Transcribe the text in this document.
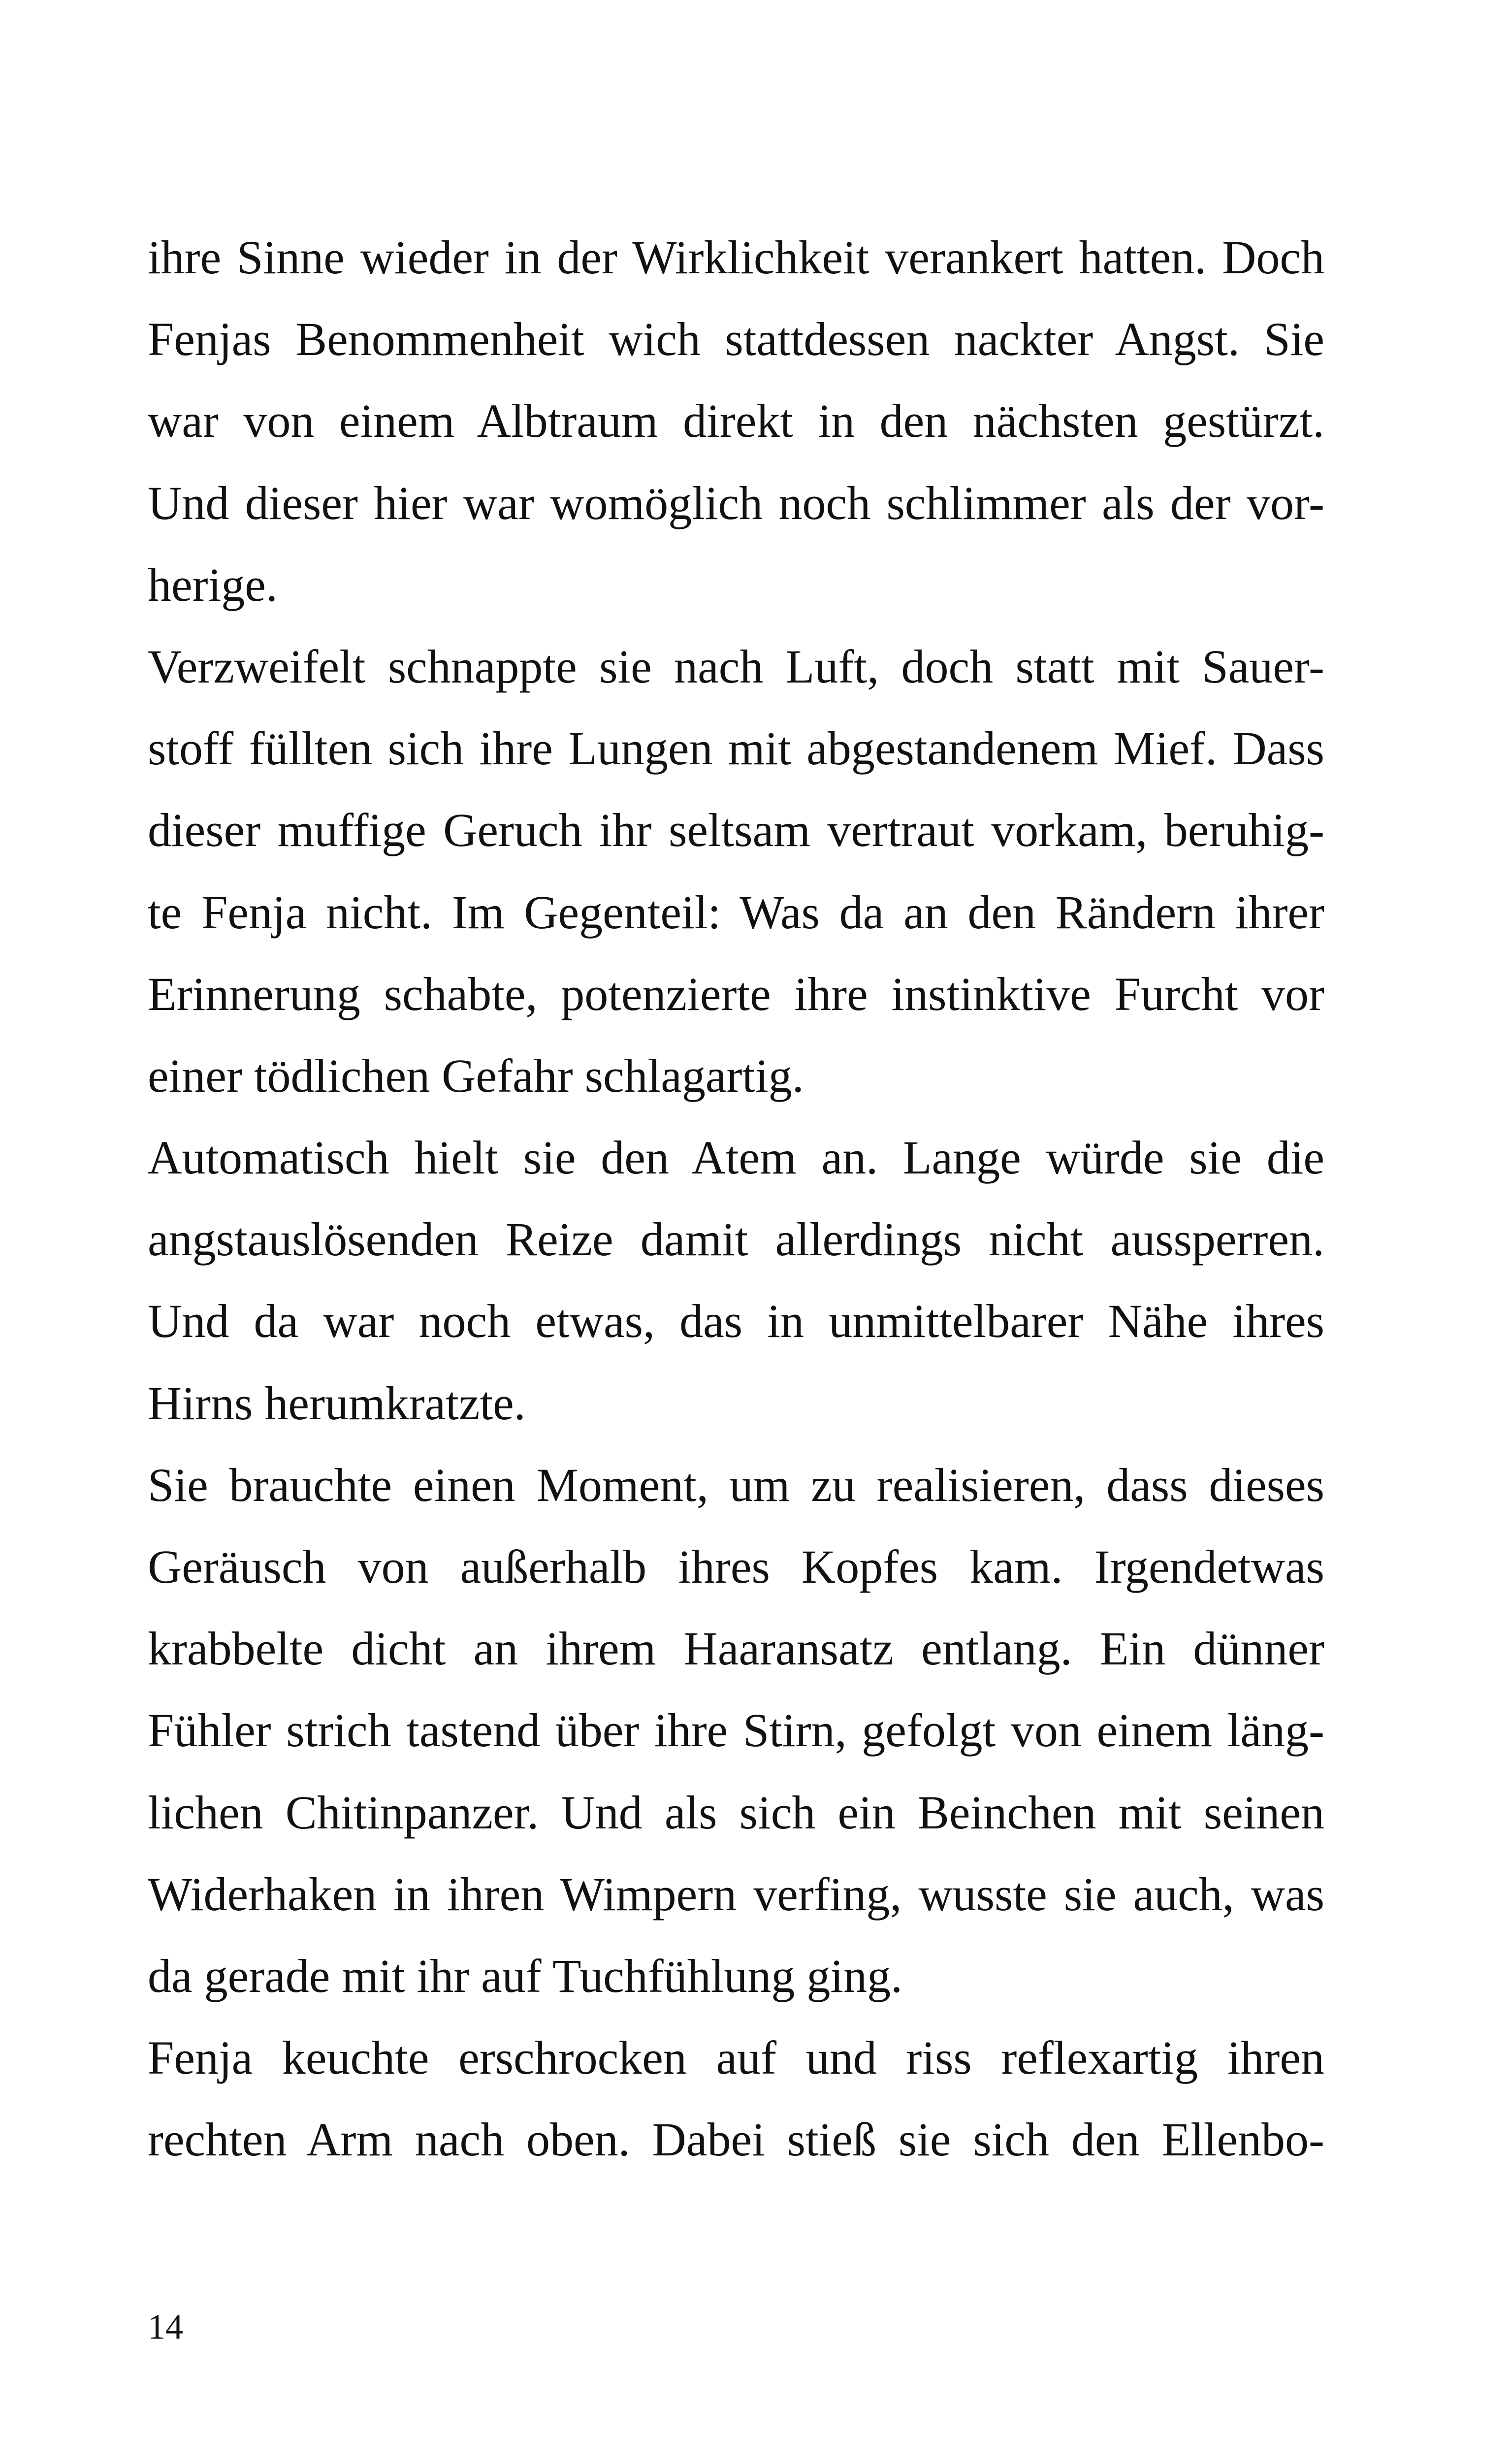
ihre Sinne wieder in der Wirklichkeit verankert hatten. Doch
Fenjas Benommenheit wich stattdessen nackter Angst. Sie
war von einem Albtraum direkt in den nächsten gestürzt.
Und dieser hier war womöglich noch schlimmer als der vor-
herige.
Verzweifelt schnappte sie nach Luft, doch statt mit Sauer-
stoff füllten sich ihre Lungen mit abgestandenem Mief. Dass
dieser muffige Geruch ihr seltsam vertraut vorkam, beruhig-
te Fenja nicht. Im Gegenteil: Was da an den Rändern ihrer
Erinnerung schabte, potenzierte ihre instinktive Furcht vor
einer tödlichen Gefahr schlagartig.
Automatisch hielt sie den Atem an. Lange würde sie die
angstauslösenden Reize damit allerdings nicht aussperren.
Und da war noch etwas, das in unmittelbarer Nähe ihres
Hirns herumkratzte.
Sie brauchte einen Moment, um zu realisieren, dass dieses
Geräusch von außerhalb ihres Kopfes kam. Irgendetwas
krabbelte dicht an ihrem Haaransatz entlang. Ein dünner
Fühler strich tastend über ihre Stirn, gefolgt von einem läng-
lichen Chitinpanzer. Und als sich ein Beinchen mit seinen
Widerhaken in ihren Wimpern verfing, wusste sie auch, was
da gerade mit ihr auf Tuchfühlung ging.
Fenja keuchte erschrocken auf und riss reflexartig ihren
rechten Arm nach oben. Dabei stieß sie sich den Ellenbo-
14
